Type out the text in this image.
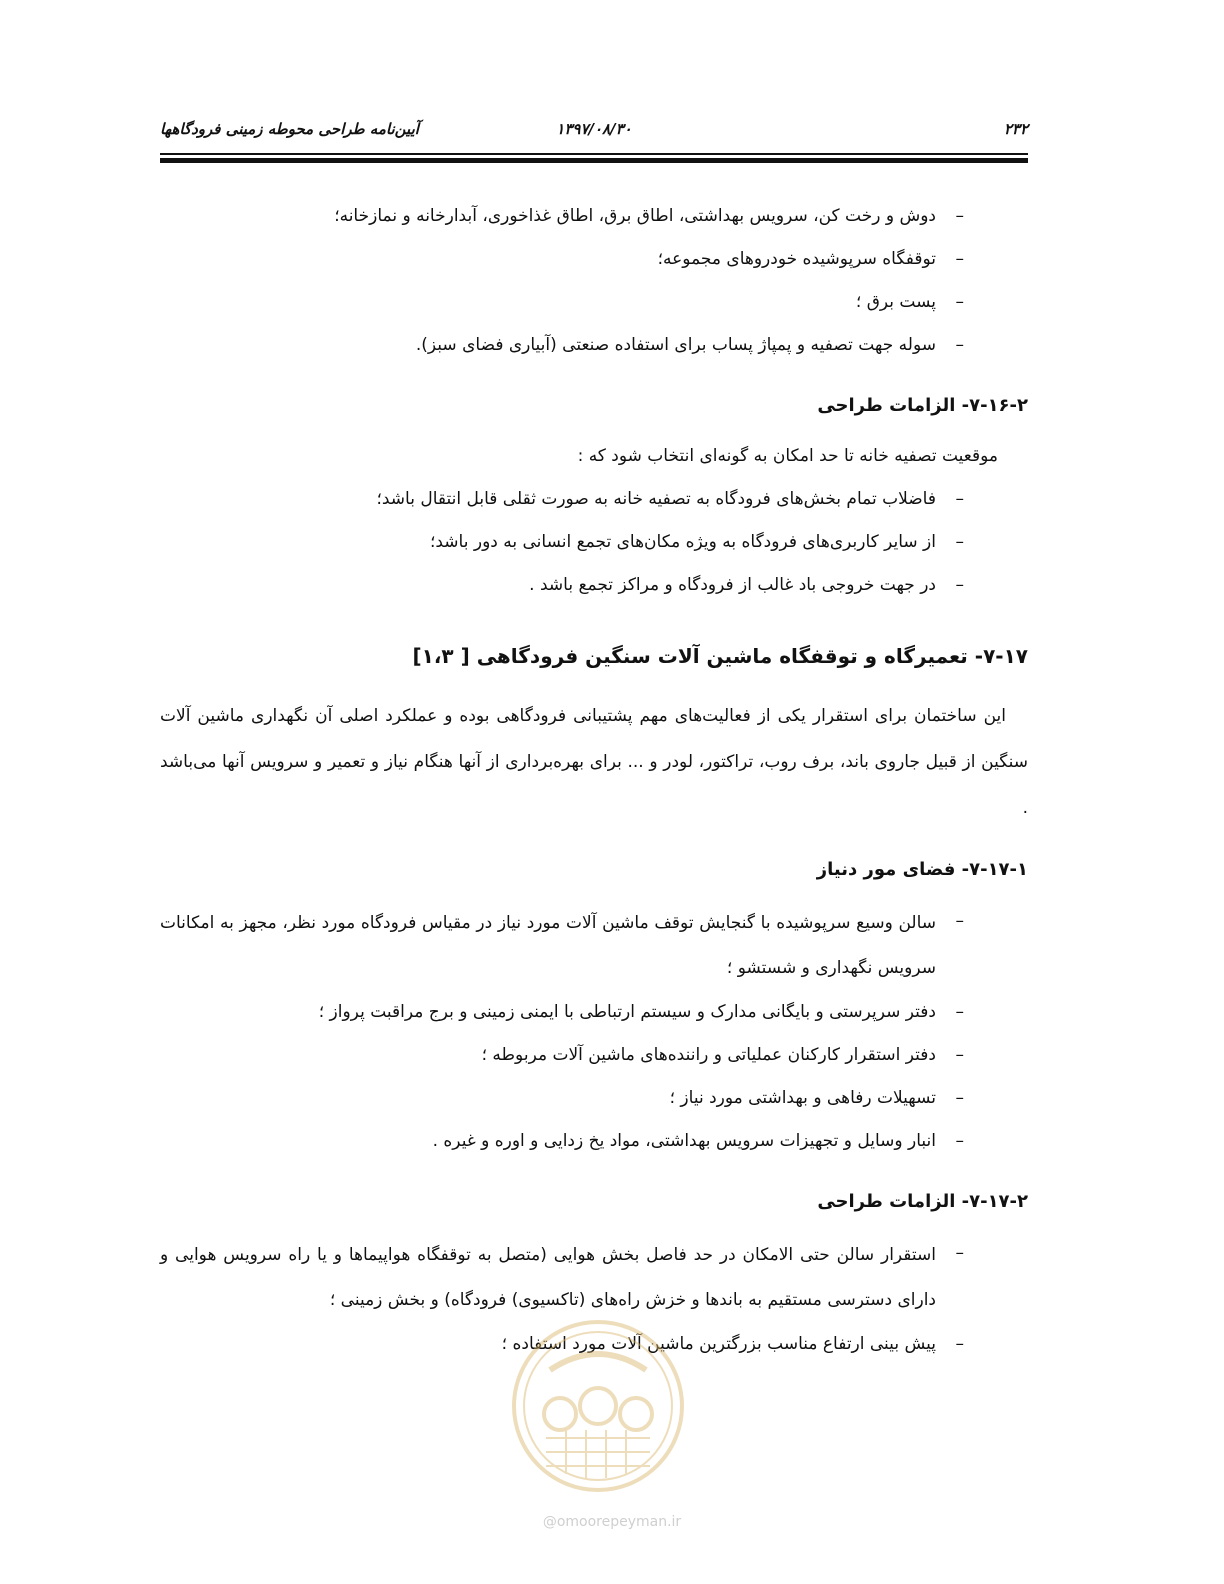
آیین‌نامه طراحی محوطه زمینی فرودگاهها	۱۳۹۷/۰۸/۳۰	۲۳۲
–
دوش و رخت کن، سرویس بهداشتی، اطاق برق، اطاق غذاخوری، آبدارخانه و نمازخانه؛
–
توقفگاه سرپوشیده خودروهای مجموعه؛
–
پست برق ؛
–
سوله جهت تصفیه و پمپاژ پساب برای استفاده صنعتی (آبیاری فضای سبز).
۷-۱۶-۲- الزامات طراحی
موقعیت تصفیه خانه تا حد امکان به گونه‌ای انتخاب شود که :
–
فاضلاب تمام بخش‌های فرودگاه به تصفیه خانه به صورت ثقلی قابل انتقال باشد؛
–
از سایر کاربری‌های فرودگاه به ویژه مکان‌های تجمع انسانی به دور باشد؛
–
در جهت خروجی باد غالب از فرودگاه و مراکز تجمع باشد .
۷-۱۷- تعمیرگاه و توقفگاه ماشین آلات سنگین فرودگاهی [ ۱،۳]
این ساختمان برای استقرار یکی از فعالیت‌های مهم پشتیبانی فرودگاهی بوده و عملکرد اصلی آن نگهداری ماشین آلات سنگین از قبیل جاروی باند، برف روب، تراکتور، لودر و ... برای بهره‌برداری از آنها هنگام نیاز و تعمیر و سرویس آنها می‌باشد .
۷-۱۷-۱- فضای مور دنیاز
–
سالن وسیع سرپوشیده با گنجایش توقف ماشین آلات مورد نیاز در مقیاس فرودگاه مورد نظر، مجهز به امکانات سرویس نگهداری و شستشو ؛
–
دفتر سرپرستی و بایگانی مدارک و سیستم ارتباطی با ایمنی زمینی و برج مراقبت پرواز ؛
–
دفتر استقرار کارکنان عملیاتی و راننده‌های ماشین آلات مربوطه ؛
–
تسهیلات رفاهی و بهداشتی مورد نیاز ؛
–
انبار وسایل و تجهیزات سرویس بهداشتی، مواد یخ زدایی و اوره و غیره .
۷-۱۷-۲- الزامات طراحی
–
استقرار سالن حتی الامکان در حد فاصل بخش هوایی (متصل به توقفگاه هواپیماها و یا راه سرویس هوایی و دارای دسترسی مستقیم به باندها و خزش راه‌های (تاکسیوی) فرودگاه) و بخش زمینی ؛
–
پیش بینی ارتفاع مناسب بزرگترین ماشین آلات مورد استفاده ؛
@omoorepeyman.ir
